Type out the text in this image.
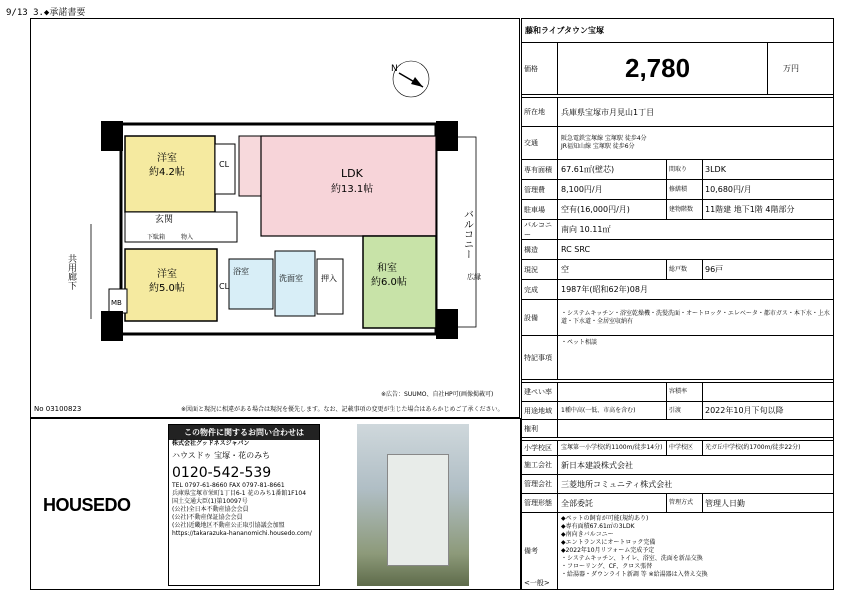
9/13 3.◆承諾書要
N
洋室
約4.2帖
CL
LDK
約13.1帖
玄関
下駄箱	物入
洋室
約5.0帖	CL
浴室
洗面室 押入
和室
約6.0帖
MB
広縁
共用廊下
バルコニー
※広告：SUUMO、自社HP可(画像掲載可)
※図面と現況に相違がある場合は現況を優先します。なお、記載事項の変更が生じた場合はあらかじめご了承ください。
No 03100823
HOUSEDO
この物件に関するお問い合わせは
株式会社グッドネスジャパン
ハウスドゥ 宝塚・花のみち
0120-542-539
TEL 0797-61-8660 FAX 0797-81-8661
兵庫県宝塚市栄町1丁目6-1 花のみち1番館1F104
国土交通大臣(1)第10097号
(公社)全日本不動産協会会員
(公社)不動産保証協会会員
(公社)近畿地区不動産公正取引協議会加盟
https://takarazuka-hananomichi.housedo.com/
藤和ライブタウン宝塚
価格	2,780	万円
所在地	兵庫県宝塚市月見山1丁目
交通
阪急電鉄宝塚線 宝塚駅 徒歩4分
JR福知山線 宝塚駅 徒歩6分
専有面積	67.61㎡(壁芯)	間取り	3LDK
管理費	8,100円/月	修繕積	10,680円/月
駐車場	空有(16,000円/月)	建物階数	11階建 地下1階 4階部分
バルコニー
南向 10.11㎡
構造	RC SRC
現況	空	総戸数	96戸
完成	1987年(昭和62年)08月
設備
・システムキッチン・浴室乾燥機・洗髪洗面・オートロック・エレベータ・都市ガス・本下水・上水道・下水道・全居室収納有
特記事項
・ペット相談
建ぺい率	容積率
用途地域	1種中高(一低、市高を含む)	引渡	2022年10月下旬以降
権利
小学校区	宝塚第一小学校(約1100m/徒歩14分)	中学校区	光ガ丘中学校(約1700m/徒歩22分)
施工会社	新日本建設株式会社
管理会社	三菱地所コミュニティ株式会社
管理形態	全部委託	管理方式	管理人日勤
備考
◆ペットの飼育が可能(規約あり)
◆専有面積67.61㎡の3LDK
◆南向きバルコニー
◆エントランスにオートロック完備
◆2022年10月リフォーム完成予定
・システムキッチン、トイレ、浴室、洗面を新品交換
・フローリング、CF、クロス張替
・給湯器・ダウンライト新調 等 ※給湯器は入替え交換
<一般>
